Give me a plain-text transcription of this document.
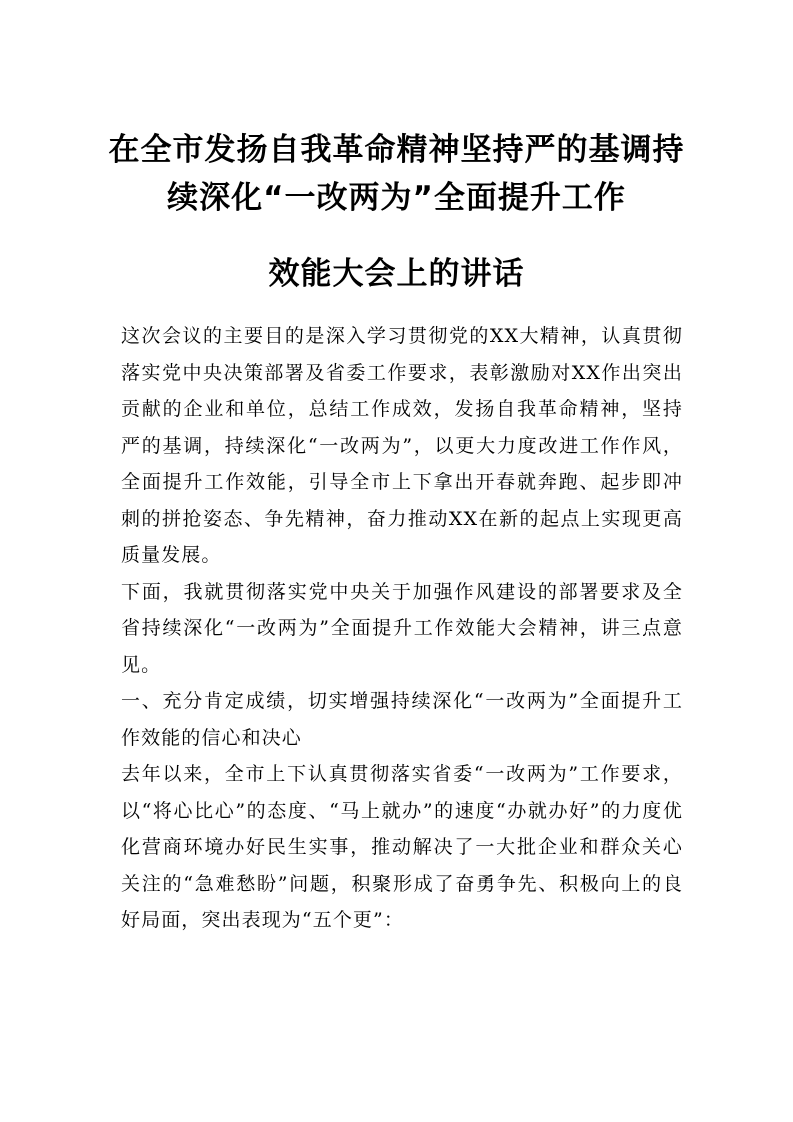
在全市发扬自我革命精神坚持严的基调持
续深化“一改两为”全面提升工作
效能大会上的讲话

这次会议的主要目的是深入学习贯彻党的XX大精神，认真贯彻落实党中央决策部署及省委工作要求，表彰激励对XX作出突出贡献的企业和单位，总结工作成效，发扬自我革命精神，坚持严的基调，持续深化“一改两为”，以更大力度改进工作作风，全面提升工作效能，引导全市上下拿出开春就奔跑、起步即冲刺的拼抢姿态、争先精神，奋力推动XX在新的起点上实现更高质量发展。

下面，我就贯彻落实党中央关于加强作风建设的部署要求及全省持续深化“一改两为”全面提升工作效能大会精神，讲三点意见。

一、充分肯定成绩，切实增强持续深化“一改两为”全面提升工作效能的信心和决心

去年以来，全市上下认真贯彻落实省委“一改两为”工作要求，以“将心比心”的态度、“马上就办”的速度“办就办好”的力度优化营商环境办好民生实事，推动解决了一大批企业和群众关心关注的“急难愁盼”问题，积聚形成了奋勇争先、积极向上的良好局面，突出表现为“五个更”：
